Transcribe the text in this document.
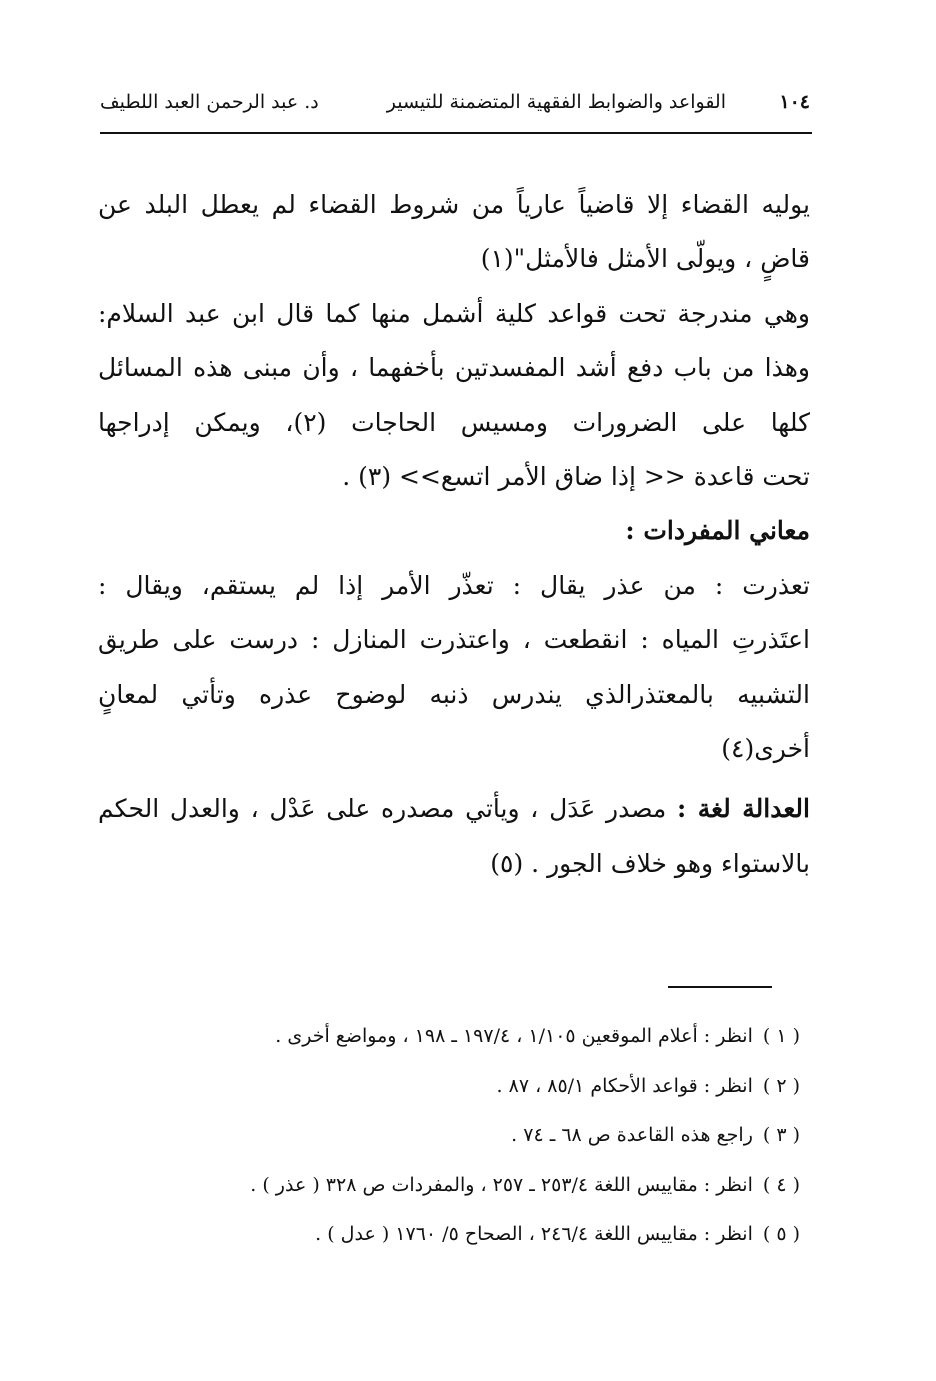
١٠٤
القواعد والضوابط الفقهية المتضمنة للتيسير
د. عبد الرحمن العبد اللطيف
يوليه القضاء إلا قاضياً عارياً من شروط القضاء لم يعطل البلد عن
قاضٍ ، ويولّى الأمثل فالأمثل"(١)
وهي مندرجة تحت قواعد كلية أشمل منها كما قال ابن عبد السلام:
وهذا من باب دفع أشد المفسدتين بأخفهما ، وأن مبنى هذه المسائل
كلها على الضرورات ومسيس الحاجات (٢)، ويمكن إدراجها
تحت قاعدة << إذا ضاق الأمر اتسع>> (٣) .
معاني المفردات :
تعذرت : من عذر يقال : تعذّر الأمر إذا لم يستقم، ويقال :
اعتَذرتِ المياه : انقطعت ، واعتذرت المنازل : درست على طريق
التشبيه بالمعتذرالذي يندرس ذنبه لوضوح عذره وتأتي لمعانٍ
أخرى(٤)
العدالة لغة : مصدر عَدَل ، ويأتي مصدره على عَدْل ، والعدل الحكم
بالاستواء وهو خلاف الجور . (٥)
( ١ )انظر : أعلام الموقعين ١/١٠٥ ، ١٩٧/٤ ـ ١٩٨ ، ومواضع أخرى .
( ٢ )انظر : قواعد الأحكام ٨٥/١ ، ٨٧ .
( ٣ )راجع هذه القاعدة ص ٦٨ ـ ٧٤ .
( ٤ )انظر : مقاييس اللغة ٢٥٣/٤ ـ ٢٥٧ ، والمفردات ص ٣٢٨ ( عذر ) .
( ٥ )انظر : مقاييس اللغة ٢٤٦/٤ ، الصحاح ٥/ ١٧٦٠ ( عدل ) .
